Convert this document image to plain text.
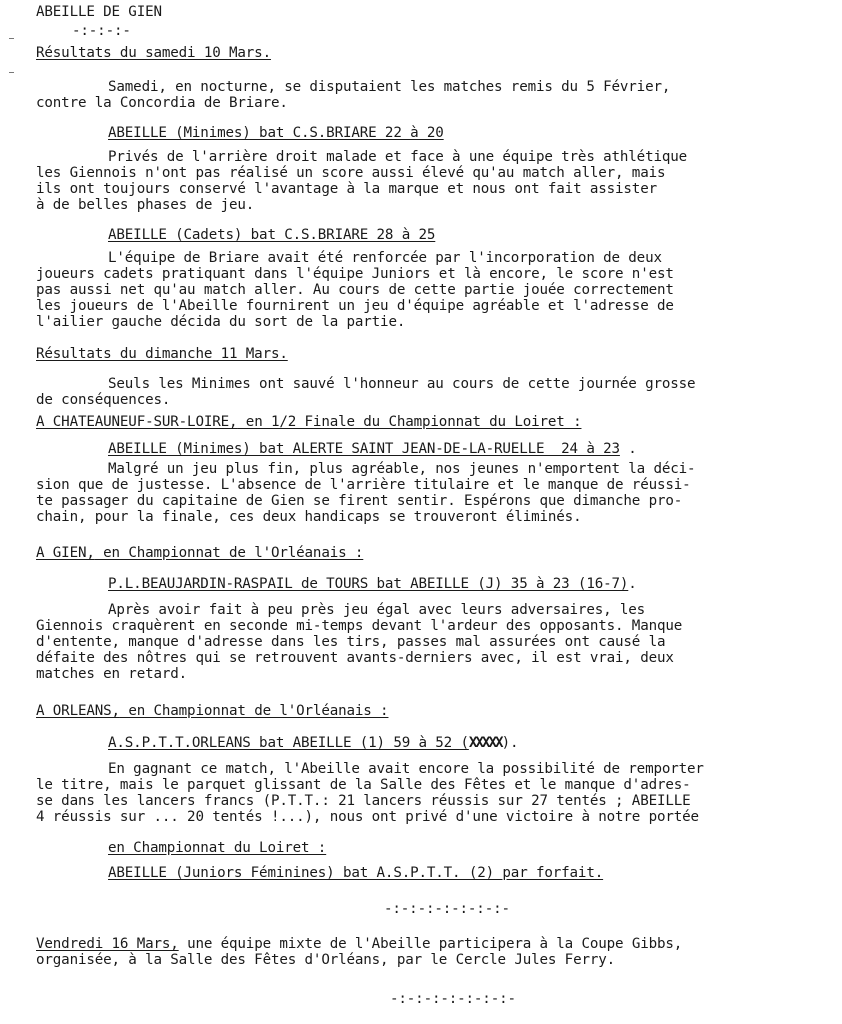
ABEILLE DE GIEN
-:-:-:-
Résultats du samedi 10 Mars.
Samedi, en nocturne, se disputaient les matches remis du 5 Février,
contre la Concordia de Briare.
ABEILLE (Minimes) bat C.S.BRIARE 22 à 20
Privés de l'arrière droit malade et face à une équipe très athlétique
les Giennois n'ont pas réalisé un score aussi élevé qu'au match aller, mais
ils ont toujours conservé l'avantage à la marque et nous ont fait assister
à de belles phases de jeu.
ABEILLE (Cadets) bat C.S.BRIARE 28 à 25
L'équipe de Briare avait été renforcée par l'incorporation de deux
joueurs cadets pratiquant dans l'équipe Juniors et là encore, le score n'est
pas aussi net qu'au match aller. Au cours de cette partie jouée correctement
les joueurs de l'Abeille fournirent un jeu d'équipe agréable et l'adresse de
l'ailier gauche décida du sort de la partie.
Résultats du dimanche 11 Mars.
Seuls les Minimes ont sauvé l'honneur au cours de cette journée grosse
de conséquences.
A CHATEAUNEUF-SUR-LOIRE, en 1/2 Finale du Championnat du Loiret :
ABEILLE (Minimes) bat ALERTE SAINT JEAN-DE-LA-RUELLE  24 à 23 .
Malgré un jeu plus fin, plus agréable, nos jeunes n'emportent la déci-
sion que de justesse. L'absence de l'arrière titulaire et le manque de réussi-
te passager du capitaine de Gien se firent sentir. Espérons que dimanche pro-
chain, pour la finale, ces deux handicaps se trouveront éliminés.
A GIEN, en Championnat de l'Orléanais :
P.L.BEAUJARDIN-RASPAIL de TOURS bat ABEILLE (J) 35 à 23 (16-7).
Après avoir fait à peu près jeu égal avec leurs adversaires, les
Giennois craquèrent en seconde mi-temps devant l'ardeur des opposants. Manque
d'entente, manque d'adresse dans les tirs, passes mal assurées ont causé la
défaite des nôtres qui se retrouvent avants-derniers avec, il est vrai, deux
matches en retard.
A ORLEANS, en Championnat de l'Orléanais :
A.S.P.T.T.ORLEANS bat ABEILLE (1) 59 à 52 (XXXXX).
En gagnant ce match, l'Abeille avait encore la possibilité de remporter
le titre, mais le parquet glissant de la Salle des Fêtes et le manque d'adres-
se dans les lancers francs (P.T.T.: 21 lancers réussis sur 27 tentés ; ABEILLE
4 réussis sur ... 20 tentés !...), nous ont privé d'une victoire à notre portée
en Championnat du Loiret :
ABEILLE (Juniors Féminines) bat A.S.P.T.T. (2) par forfait.
-:-:-:-:-:-:-:-
Vendredi 16 Mars, une équipe mixte de l'Abeille participera à la Coupe Gibbs,
organisée, à la Salle des Fêtes d'Orléans, par le Cercle Jules Ferry.
-:-:-:-:-:-:-:-
